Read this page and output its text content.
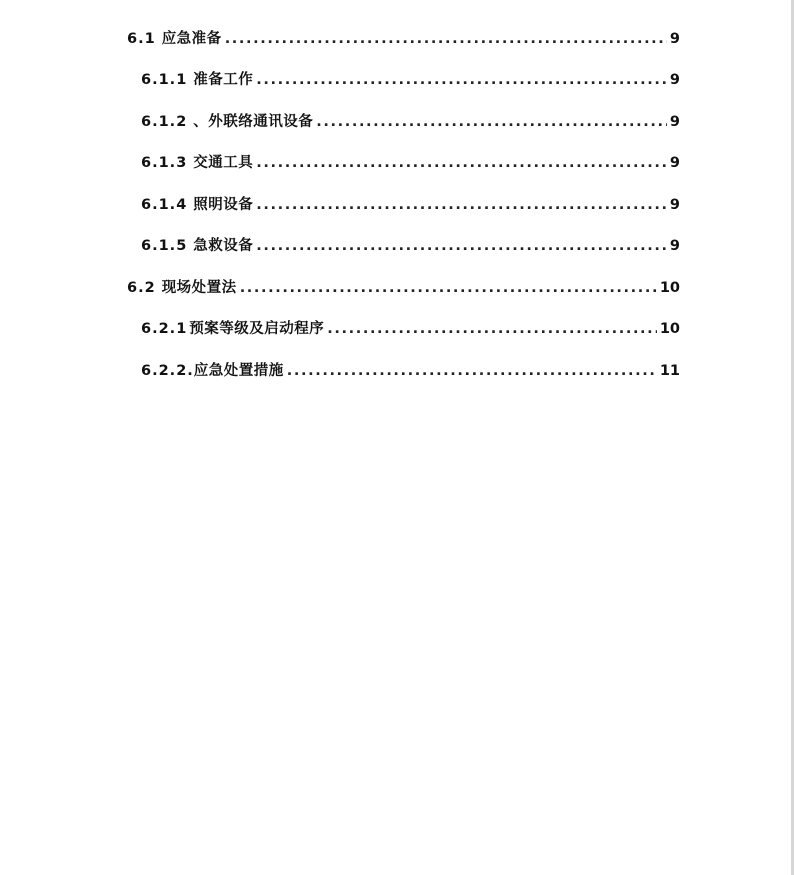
6.1 应急准备 .....	9
6.1.1 准备工作 .....	9
6.1.2 、外联络通讯设备 .....	9
6.1.3 交通工具 .....	9
6.1.4 照明设备 .....	9
6.1.5 急救设备 .....	9
6.2 现场处置法 .....	10
6.2.1 预案等级及启动程序 .....	10
6.2.2. 应急处置措施 .....	11
